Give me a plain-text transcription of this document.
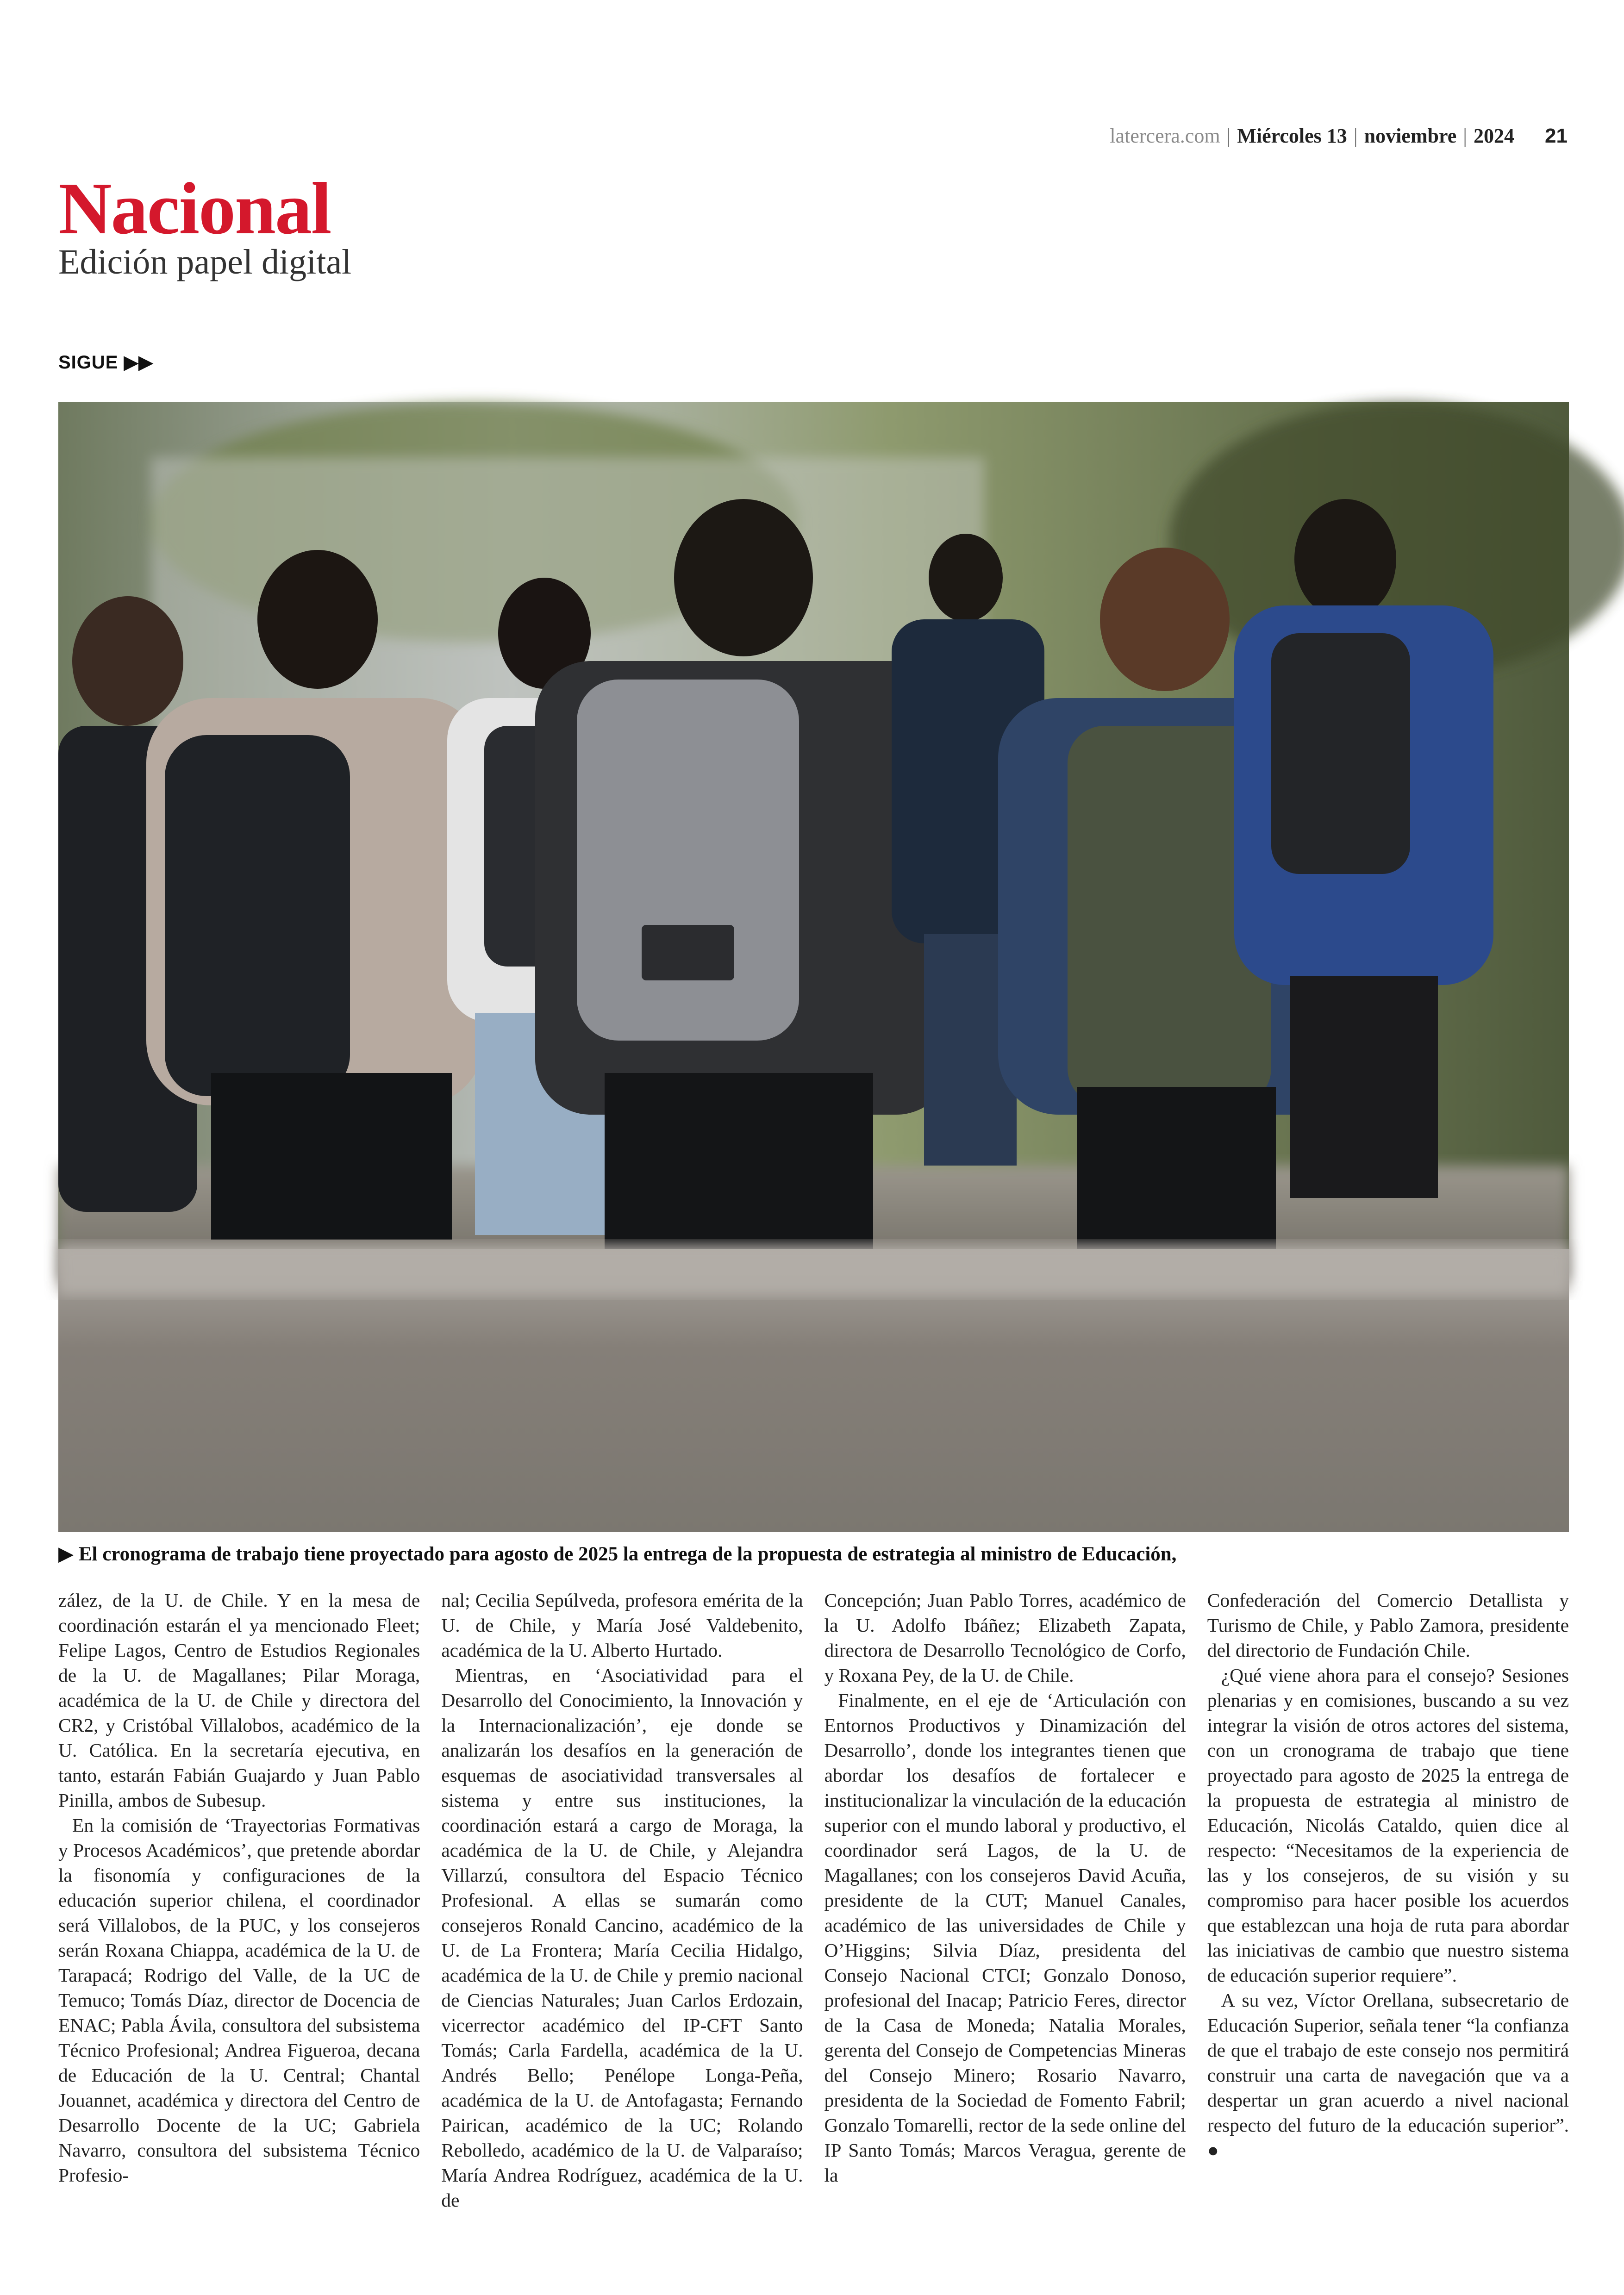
latercera.com | Miércoles 13 | noviembre | 2024 21
Nacional
Edición papel digital
SIGUE ▶▶
▶ El cronograma de trabajo tiene proyectado para agosto de 2025 la entrega de la propuesta de estrategia al ministro de Educación,

zález, de la U. de Chile. Y en la mesa de coordinación estarán el ya mencionado Fleet; Felipe Lagos, Centro de Estudios Regionales de la U. de Magallanes; Pilar Moraga, académica de la U. de Chile y directora del CR2, y Cristóbal Villalobos, académico de la U. Católica. En la secretaría ejecutiva, en tanto, estarán Fabián Guajardo y Juan Pablo Pinilla, ambos de Subesup.

En la comisión de ‘Trayectorias Formativas y Procesos Académicos’, que pretende abordar la fisonomía y configuraciones de la educación superior chilena, el coordinador será Villalobos, de la PUC, y los consejeros serán Roxana Chiappa, académica de la U. de Tarapacá; Rodrigo del Valle, de la UC de Temuco; Tomás Díaz, director de Docencia de ENAC; Pabla Ávila, consultora del subsistema Técnico Profesional; Andrea Figueroa, decana de Educación de la U. Central; Chantal Jouannet, académica y directora del Centro de Desarrollo Docente de la UC; Gabriela Navarro, consultora del subsistema Técnico Profesio-

nal; Cecilia Sepúlveda, profesora emérita de la U. de Chile, y María José Valdebenito, académica de la U. Alberto Hurtado.

Mientras, en ‘Asociatividad para el Desarrollo del Conocimiento, la Innovación y la Internacionalización’, eje donde se analizarán los desafíos en la generación de esquemas de asociatividad transversales al sistema y entre sus instituciones, la coordinación estará a cargo de Moraga, la académica de la U. de Chile, y Alejandra Villarzú, consultora del Espacio Técnico Profesional. A ellas se sumarán como consejeros Ronald Cancino, académico de la U. de La Frontera; María Cecilia Hidalgo, académica de la U. de Chile y premio nacional de Ciencias Naturales; Juan Carlos Erdozain, vicerrector académico del IP-CFT Santo Tomás; Carla Fardella, académica de la U. Andrés Bello; Penélope Longa-Peña, académica de la U. de Antofagasta; Fernando Pairican, académico de la UC; Rolando Rebolledo, académico de la U. de Valparaíso; María Andrea Rodríguez, académica de la U. de

Concepción; Juan Pablo Torres, académico de la U. Adolfo Ibáñez; Elizabeth Zapata, directora de Desarrollo Tecnológico de Corfo, y Roxana Pey, de la U. de Chile.

Finalmente, en el eje de ‘Articulación con Entornos Productivos y Dinamización del Desarrollo’, donde los integrantes tienen que abordar los desafíos de fortalecer e institucionalizar la vinculación de la educación superior con el mundo laboral y productivo, el coordinador será Lagos, de la U. de Magallanes; con los consejeros David Acuña, presidente de la CUT; Manuel Canales, académico de las universidades de Chile y O’Higgins; Silvia Díaz, presidenta del Consejo Nacional CTCI; Gonzalo Donoso, profesional del Inacap; Patricio Feres, director de la Casa de Moneda; Natalia Morales, gerenta del Consejo de Competencias Mineras del Consejo Minero; Rosario Navarro, presidenta de la Sociedad de Fomento Fabril; Gonzalo Tomarelli, rector de la sede online del IP Santo Tomás; Marcos Veragua, gerente de la

Confederación del Comercio Detallista y Turismo de Chile, y Pablo Zamora, presidente del directorio de Fundación Chile.

¿Qué viene ahora para el consejo? Sesiones plenarias y en comisiones, buscando a su vez integrar la visión de otros actores del sistema, con un cronograma de trabajo que tiene proyectado para agosto de 2025 la entrega de la propuesta de estrategia al ministro de Educación, Nicolás Cataldo, quien dice al respecto: “Necesitamos de la experiencia de las y los consejeros, de su visión y su compromiso para hacer posible los acuerdos que establezcan una hoja de ruta para abordar las iniciativas de cambio que nuestro sistema de educación superior requiere”.

A su vez, Víctor Orellana, subsecretario de Educación Superior, señala tener “la confianza de que el trabajo de este consejo nos permitirá construir una carta de navegación que va a despertar un gran acuerdo a nivel nacional respecto del futuro de la educación superior”. ●
